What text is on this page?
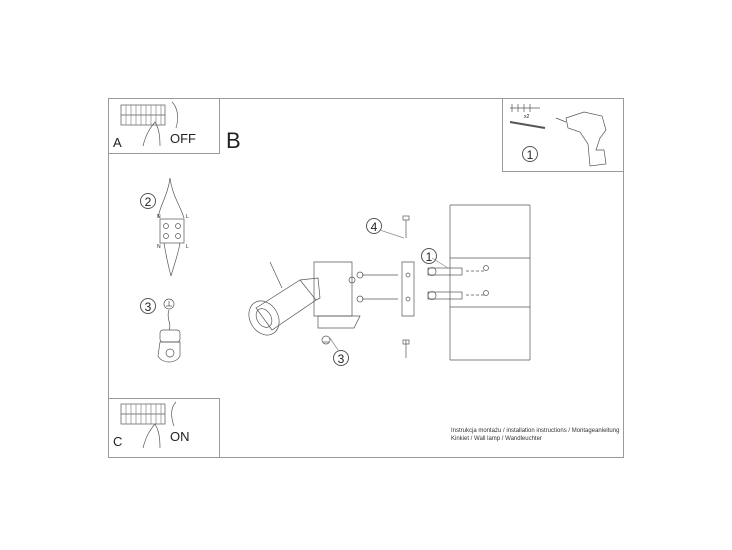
A	OFF
C	ON
B
1
x2
2
3
4
1
3
N	L
N	L
Instrukcja montażu / installation instructions / Montageanleitung
Kinkiet / Wall lamp / Wandleuchter
